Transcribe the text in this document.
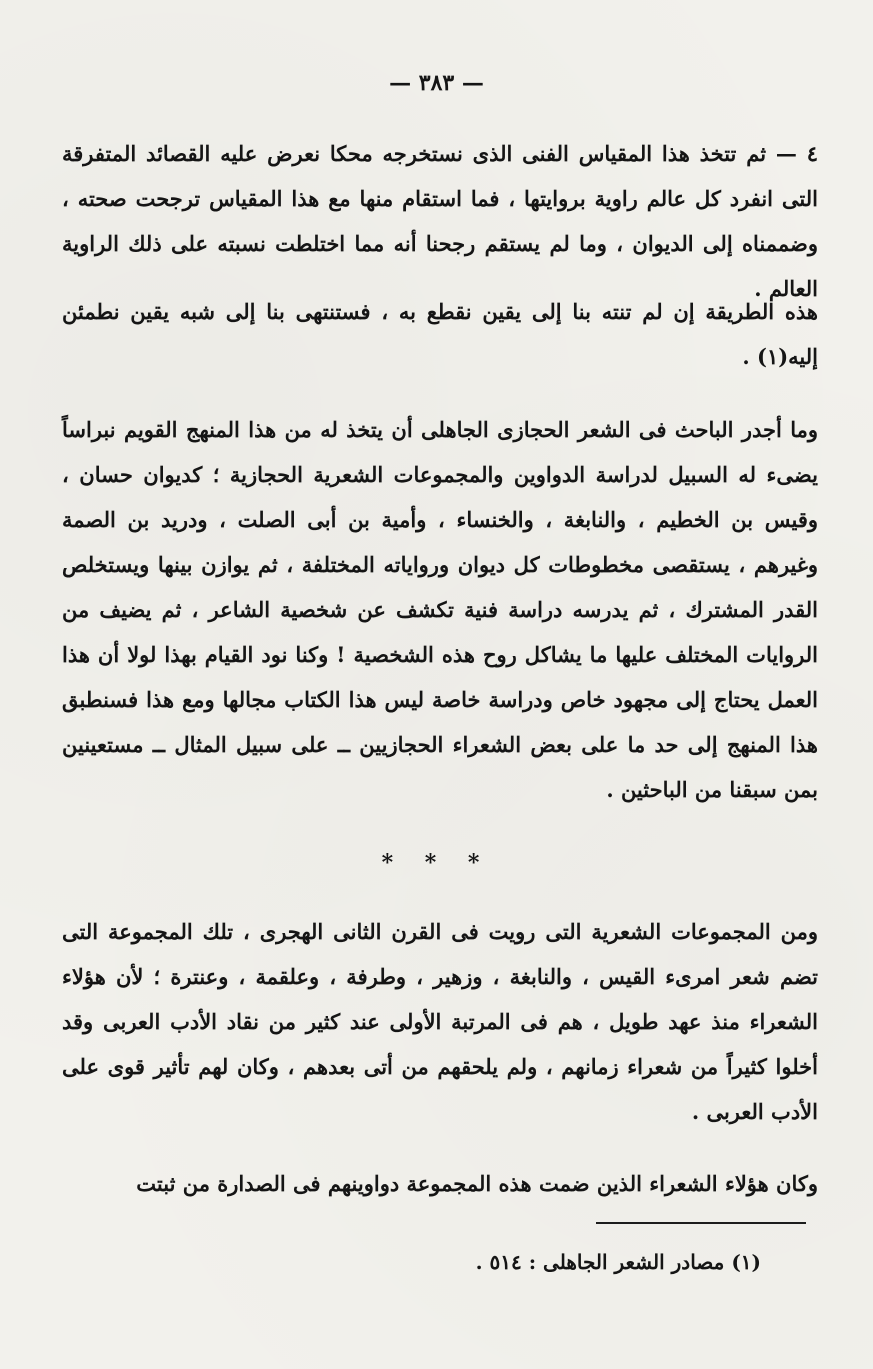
— ٣٨٣ —

٤ — ثم تتخذ هذا المقياس الفنى الذى نستخرجه محكا نعرض عليه القصائد المتفرقة التى انفرد كل عالم راوية بروايتها ، فما استقام منها مع هذا المقياس ترجحت صحته ، وضممناه إلى الديوان ، وما لم يستقم رجحنا أنه مما اختلطت نسبته على ذلك الراوية العالم .

هذه الطريقة إن لم تنته بنا إلى يقين نقطع به ، فستنتهى بنا إلى شبه يقين نطمئن إليه(١) .

وما أجدر الباحث فى الشعر الحجازى الجاهلى أن يتخذ له من هذا المنهج القويم نبراساً يضىء له السبيل لدراسة الدواوين والمجموعات الشعرية الحجازية ؛ كديوان حسان ، وقيس بن الخطيم ، والنابغة ، والخنساء ، وأمية بن أبى الصلت ، ودريد بن الصمة وغيرهم ، يستقصى مخطوطات كل ديوان ورواياته المختلفة ، ثم يوازن بينها ويستخلص القدر المشترك ، ثم يدرسه دراسة فنية تكشف عن شخصية الشاعر ، ثم يضيف من الروايات المختلف عليها ما يشاكل روح هذه الشخصية ! وكنا نود القيام بهذا لولا أن هذا العمل يحتاج إلى مجهود خاص ودراسة خاصة ليس هذا الكتاب مجالها ومع هذا فسنطبق هذا المنهج إلى حد ما على بعض الشعراء الحجازيين ــ على سبيل المثال ــ مستعينين بمن سبقنا من الباحثين .

* * *

ومن المجموعات الشعرية التى رويت فى القرن الثانى الهجرى ، تلك المجموعة التى تضم شعر امرىء القيس ، والنابغة ، وزهير ، وطرفة ، وعلقمة ، وعنترة ؛ لأن هؤلاء الشعراء منذ عهد طويل ، هم فى المرتبة الأولى عند كثير من نقاد الأدب العربى وقد أخلوا كثيراً من شعراء زمانهم ، ولم يلحقهم من أتى بعدهم ، وكان لهم تأثير قوى على الأدب العربى .

وكان هؤلاء الشعراء الذين ضمت هذه المجموعة دواوينهم فى الصدارة من ثبتت

(١) مصادر الشعر الجاهلى : ٥١٤ .
